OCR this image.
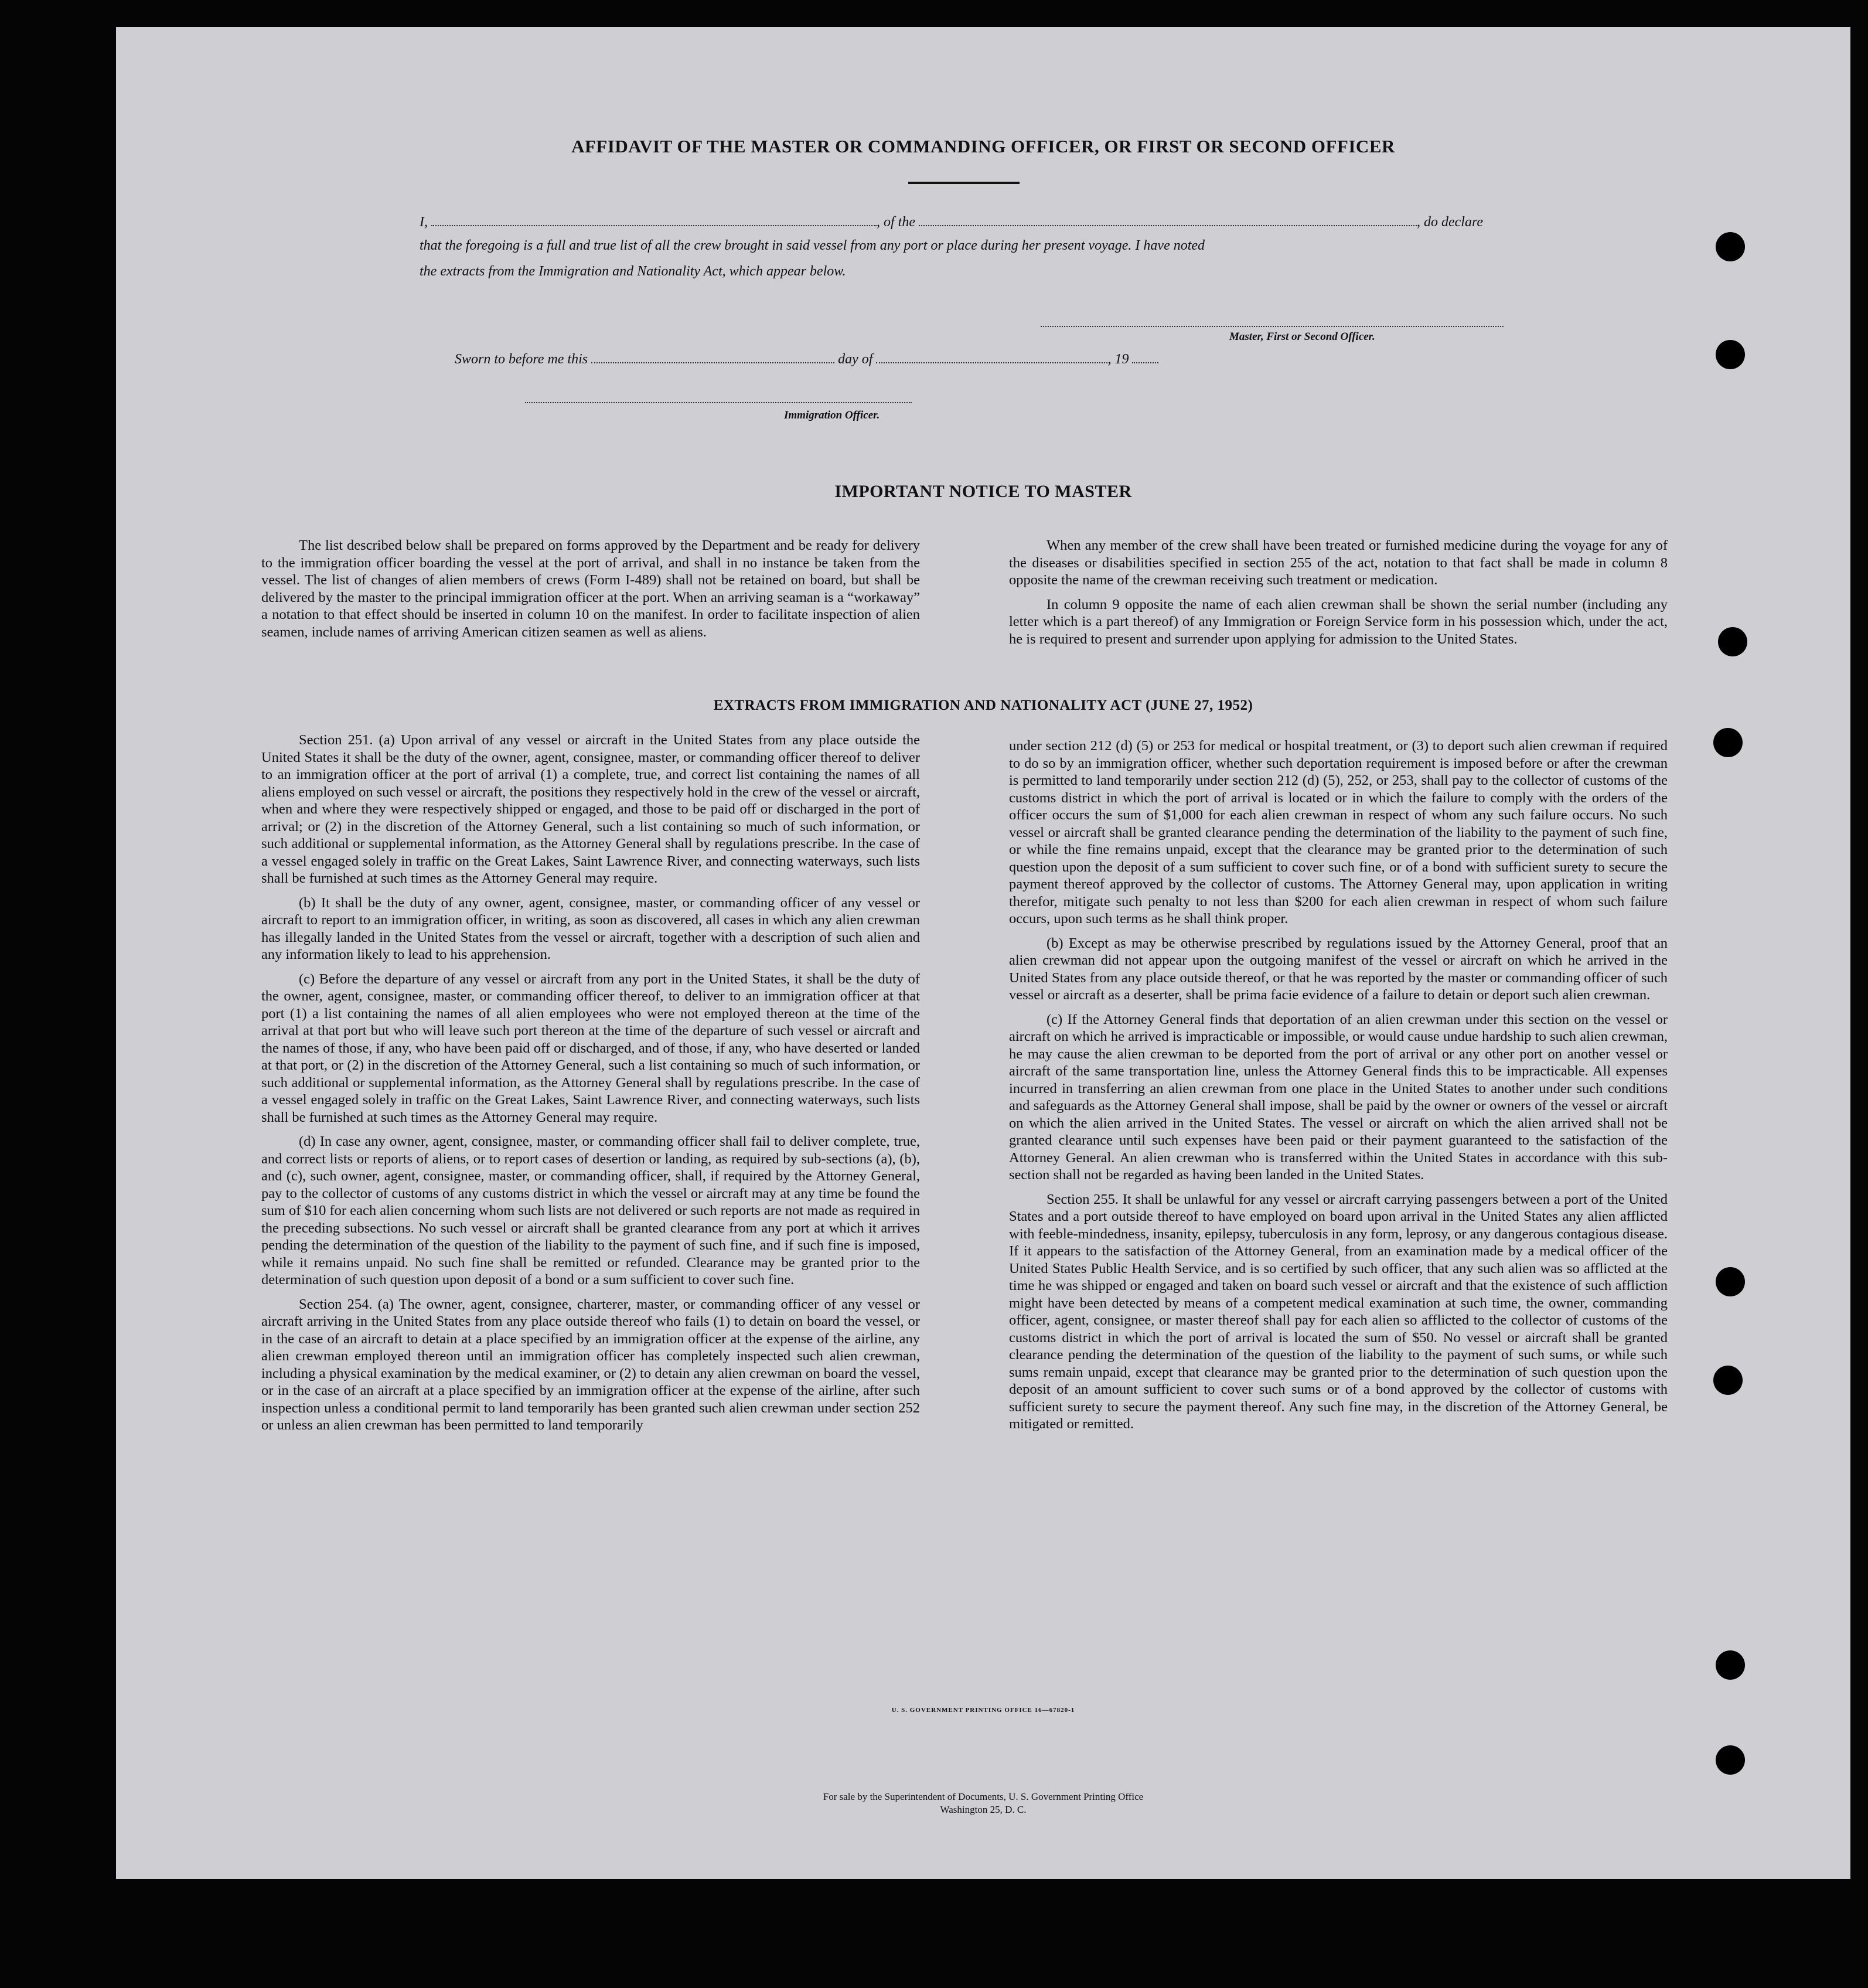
AFFIDAVIT OF THE MASTER OR COMMANDING OFFICER, OR FIRST OR SECOND OFFICER
I,	, of the	, do declare
that the foregoing is a full and true list of all the crew brought in said vessel from any port or place during her present voyage. I have noted
the extracts from the Immigration and Nationality Act, which appear below.
Master, First or Second Officer.
Sworn to before me this	day of	, 19
Immigration Officer.
IMPORTANT NOTICE TO MASTER

The list described below shall be prepared on forms approved by the Department and be ready for delivery to the immigration officer boarding the vessel at the port of arrival, and shall in no instance be taken from the vessel. The list of changes of alien members of crews (Form I-489) shall not be retained on board, but shall be delivered by the master to the principal immigration officer at the port. When an arriving seaman is a “workaway” a notation to that effect should be inserted in column 10 on the manifest. In order to facilitate inspection of alien seamen, include names of arriving American citizen seamen as well as aliens.

When any member of the crew shall have been treated or furnished medicine during the voyage for any of the diseases or disabilities specified in section 255 of the act, notation to that fact shall be made in column 8 opposite the name of the crewman receiving such treatment or medication.

In column 9 opposite the name of each alien crewman shall be shown the serial number (including any letter which is a part thereof) of any Immigration or Foreign Service form in his possession which, under the act, he is required to present and surrender upon applying for admission to the United States.

EXTRACTS FROM IMMIGRATION AND NATIONALITY ACT (JUNE 27, 1952)

Section 251. (a) Upon arrival of any vessel or aircraft in the United States from any place outside the United States it shall be the duty of the owner, agent, consignee, master, or commanding officer thereof to deliver to an immigration officer at the port of arrival (1) a complete, true, and correct list containing the names of all aliens employed on such vessel or aircraft, the positions they respectively hold in the crew of the vessel or aircraft, when and where they were respectively shipped or engaged, and those to be paid off or discharged in the port of arrival; or (2) in the discretion of the Attorney General, such a list containing so much of such information, or such additional or supplemental information, as the Attorney General shall by regulations prescribe. In the case of a vessel engaged solely in traffic on the Great Lakes, Saint Lawrence River, and connecting waterways, such lists shall be furnished at such times as the Attorney General may require.

(b) It shall be the duty of any owner, agent, consignee, master, or commanding officer of any vessel or aircraft to report to an immigration officer, in writing, as soon as discovered, all cases in which any alien crewman has illegally landed in the United States from the vessel or aircraft, together with a description of such alien and any information likely to lead to his apprehension.

(c) Before the departure of any vessel or aircraft from any port in the United States, it shall be the duty of the owner, agent, consignee, master, or commanding officer thereof, to deliver to an immigration officer at that port (1) a list containing the names of all alien employees who were not employed thereon at the time of the arrival at that port but who will leave such port thereon at the time of the departure of such vessel or aircraft and the names of those, if any, who have been paid off or discharged, and of those, if any, who have deserted or landed at that port, or (2) in the discretion of the Attorney General, such a list containing so much of such information, or such additional or supplemental information, as the Attorney General shall by regulations prescribe. In the case of a vessel engaged solely in traffic on the Great Lakes, Saint Lawrence River, and connecting waterways, such lists shall be furnished at such times as the Attorney General may require.

(d) In case any owner, agent, consignee, master, or commanding officer shall fail to deliver complete, true, and correct lists or reports of aliens, or to report cases of desertion or landing, as required by sub-sections (a), (b), and (c), such owner, agent, consignee, master, or commanding officer, shall, if required by the Attorney General, pay to the collector of customs of any customs district in which the vessel or aircraft may at any time be found the sum of $10 for each alien concerning whom such lists are not delivered or such reports are not made as required in the preceding subsections. No such vessel or aircraft shall be granted clearance from any port at which it arrives pending the determination of the question of the liability to the payment of such fine, and if such fine is imposed, while it remains unpaid. No such fine shall be remitted or refunded. Clearance may be granted prior to the determination of such question upon deposit of a bond or a sum sufficient to cover such fine.

Section 254. (a) The owner, agent, consignee, charterer, master, or commanding officer of any vessel or aircraft arriving in the United States from any place outside thereof who fails (1) to detain on board the vessel, or in the case of an aircraft to detain at a place specified by an immigration officer at the expense of the airline, any alien crewman employed thereon until an immigration officer has completely inspected such alien crewman, including a physical examination by the medical examiner, or (2) to detain any alien crewman on board the vessel, or in the case of an aircraft at a place specified by an immigration officer at the expense of the airline, after such inspection unless a conditional permit to land temporarily has been granted such alien crewman under section 252 or unless an alien crewman has been permitted to land temporarily

under section 212 (d) (5) or 253 for medical or hospital treatment, or (3) to deport such alien crewman if required to do so by an immigration officer, whether such deportation requirement is imposed before or after the crewman is permitted to land temporarily under section 212 (d) (5), 252, or 253, shall pay to the collector of customs of the customs district in which the port of arrival is located or in which the failure to comply with the orders of the officer occurs the sum of $1,000 for each alien crewman in respect of whom any such failure occurs. No such vessel or aircraft shall be granted clearance pending the determination of the liability to the payment of such fine, or while the fine remains unpaid, except that the clearance may be granted prior to the determination of such question upon the deposit of a sum sufficient to cover such fine, or of a bond with sufficient surety to secure the payment thereof approved by the collector of customs. The Attorney General may, upon application in writing therefor, mitigate such penalty to not less than $200 for each alien crewman in respect of whom such failure occurs, upon such terms as he shall think proper.

(b) Except as may be otherwise prescribed by regulations issued by the Attorney General, proof that an alien crewman did not appear upon the outgoing manifest of the vessel or aircraft on which he arrived in the United States from any place outside thereof, or that he was reported by the master or commanding officer of such vessel or aircraft as a deserter, shall be prima facie evidence of a failure to detain or deport such alien crewman.

(c) If the Attorney General finds that deportation of an alien crewman under this section on the vessel or aircraft on which he arrived is impracticable or impossible, or would cause undue hardship to such alien crewman, he may cause the alien crewman to be deported from the port of arrival or any other port on another vessel or aircraft of the same transportation line, unless the Attorney General finds this to be impracticable. All expenses incurred in transferring an alien crewman from one place in the United States to another under such conditions and safeguards as the Attorney General shall impose, shall be paid by the owner or owners of the vessel or aircraft on which the alien arrived in the United States. The vessel or aircraft on which the alien arrived shall not be granted clearance until such expenses have been paid or their payment guaranteed to the satisfaction of the Attorney General. An alien crewman who is transferred within the United States in accordance with this sub-section shall not be regarded as having been landed in the United States.

Section 255. It shall be unlawful for any vessel or aircraft carrying passengers between a port of the United States and a port outside thereof to have employed on board upon arrival in the United States any alien afflicted with feeble-mindedness, insanity, epilepsy, tuberculosis in any form, leprosy, or any dangerous contagious disease. If it appears to the satisfaction of the Attorney General, from an examination made by a medical officer of the United States Public Health Service, and is so certified by such officer, that any such alien was so afflicted at the time he was shipped or engaged and taken on board such vessel or aircraft and that the existence of such affliction might have been detected by means of a competent medical examination at such time, the owner, commanding officer, agent, consignee, or master thereof shall pay for each alien so afflicted to the collector of customs of the customs district in which the port of arrival is located the sum of $50. No vessel or aircraft shall be granted clearance pending the determination of the question of the liability to the payment of such sums, or while such sums remain unpaid, except that clearance may be granted prior to the determination of such question upon the deposit of an amount sufficient to cover such sums or of a bond approved by the collector of customs with sufficient surety to secure the payment thereof. Any such fine may, in the discretion of the Attorney General, be mitigated or remitted.

U. S. GOVERNMENT PRINTING OFFICE 16—67820-1
For sale by the Superintendent of Documents, U. S. Government Printing Office
Washington 25, D. C.
